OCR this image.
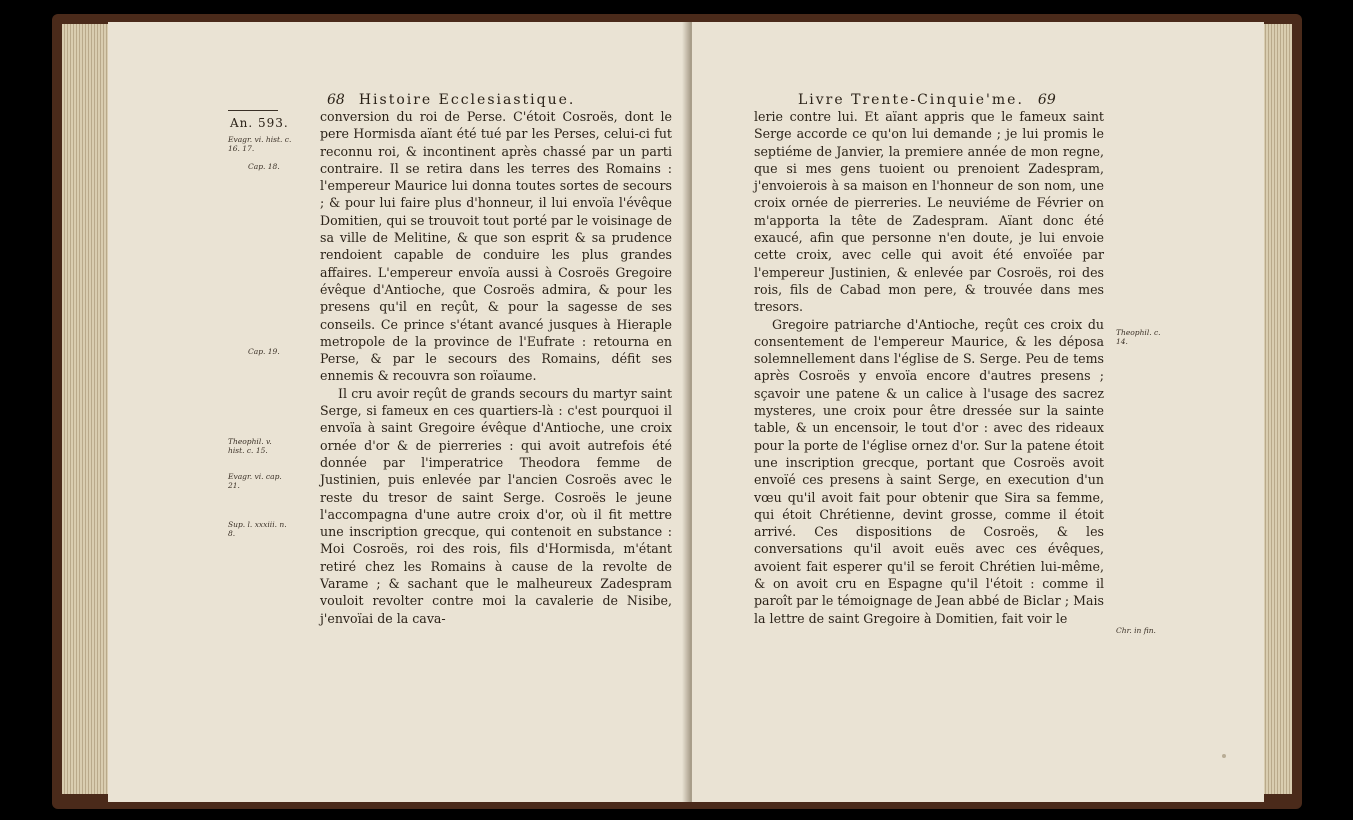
68 Histoire Ecclesiastique.
An. 593.
Evagr. vi. hist. c. 16. 17.
Cap. 18.
Cap. 19.
Theophil. v. hist. c. 15.
Evagr. vi. cap. 21.
Sup. l. xxxiii. n. 8.

conversion du roi de Perse. C'étoit Cosroës, dont le pere Hormisda aïant été tué par les Perses, celui-ci fut reconnu roi, & incontinent après chassé par un parti contraire. Il se retira dans les terres des Romains : l'empereur Maurice lui donna toutes sortes de secours ; & pour lui faire plus d'honneur, il lui envoïa l'évêque Domitien, qui se trouvoit tout porté par le voisinage de sa ville de Melitine, & que son esprit & sa prudence rendoient capable de conduire les plus grandes affaires. L'empereur envoïa aussi à Cosroës Gregoire évêque d'Antioche, que Cosroës admira, & pour les presens qu'il en reçût, & pour la sagesse de ses conseils. Ce prince s'étant avancé jusques à Hieraple metropole de la province de l'Eufrate : retourna en Perse, & par le secours des Romains, défit ses ennemis & recouvra son roïaume.

Il cru avoir reçût de grands secours du martyr saint Serge, si fameux en ces quartiers-là : c'est pourquoi il envoïa à saint Gregoire évêque d'Antioche, une croix ornée d'or & de pierreries : qui avoit autrefois été donnée par l'imperatrice Theodora femme de Justinien, puis enlevée par l'ancien Cosroës avec le reste du tresor de saint Serge. Cosroës le jeune l'accompagna d'une autre croix d'or, où il fit mettre une inscription grecque, qui contenoit en substance : Moi Cosroës, roi des rois, fils d'Hormisda, m'étant retiré chez les Romains à cause de la revolte de Varame ; & sachant que le malheureux Zadespram vouloit revolter contre moi la cavalerie de Nisibe, j'envoïai de la cava-

Livre Trente-Cinquie'me. 69

lerie contre lui. Et aïant appris que le fameux saint Serge accorde ce qu'on lui demande ; je lui promis le septiéme de Janvier, la premiere année de mon regne, que si mes gens tuoient ou prenoient Zadespram, j'envoierois à sa maison en l'honneur de son nom, une croix ornée de pierreries. Le neuviéme de Février on m'apporta la tête de Zadespram. Aïant donc été exaucé, afin que personne n'en doute, je lui envoie cette croix, avec celle qui avoit été envoïée par l'empereur Justinien, & enlevée par Cosroës, roi des rois, fils de Cabad mon pere, & trouvée dans mes tresors.

Gregoire patriarche d'Antioche, reçût ces croix du consentement de l'empereur Maurice, & les déposa solemnellement dans l'église de S. Serge. Peu de tems après Cosroës y envoïa encore d'autres presens ; sçavoir une patene & un calice à l'usage des sacrez mysteres, une croix pour être dressée sur la sainte table, & un encensoir, le tout d'or : avec des rideaux pour la porte de l'église ornez d'or. Sur la patene étoit une inscription grecque, portant que Cosroës avoit envoïé ces presens à saint Serge, en execution d'un vœu qu'il avoit fait pour obtenir que Sira sa femme, qui étoit Chrétienne, devint grosse, comme il étoit arrivé. Ces dispositions de Cosroës, & les conversations qu'il avoit euës avec ces évêques, avoient fait esperer qu'il se feroit Chrétien lui-même, & on avoit cru en Espagne qu'il l'étoit : comme il paroît par le témoignage de Jean abbé de Biclar ; Mais la lettre de saint Gregoire à Domitien, fait voir le

Theophil. c. 14.
Chr. in fin.
